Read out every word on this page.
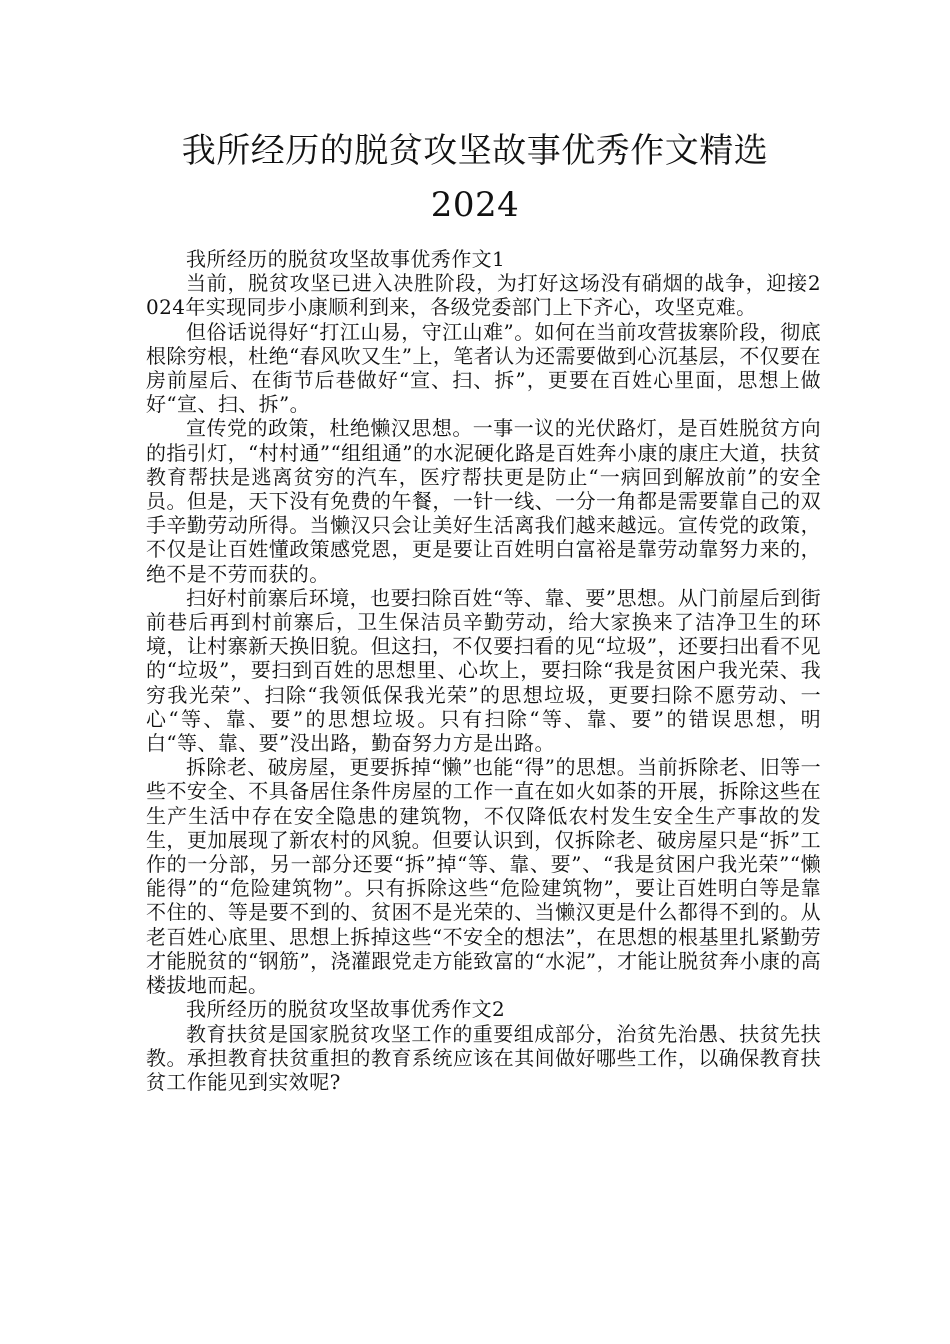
我所经历的脱贫攻坚故事优秀作文精选
2024

我所经历的脱贫攻坚故事优秀作文1

当前，脱贫攻坚已进入决胜阶段，为打好这场没有硝烟的战争，迎接2024年实现同步小康顺利到来，各级党委部门上下齐心，攻坚克难。

但俗话说得好“打江山易，守江山难”。如何在当前攻营拔寨阶段，彻底根除穷根，杜绝“春风吹又生”上，笔者认为还需要做到心沉基层，不仅要在房前屋后、在街节后巷做好“宣、扫、拆”，更要在百姓心里面，思想上做好“宣、扫、拆”。

宣传党的政策，杜绝懒汉思想。一事一议的光伏路灯，是百姓脱贫方向的指引灯，“村村通”“组组通”的水泥硬化路是百姓奔小康的康庄大道，扶贫教育帮扶是逃离贫穷的汽车，医疗帮扶更是防止“一病回到解放前”的安全员。但是，天下没有免费的午餐，一针一线、一分一角都是需要靠自己的双手辛勤劳动所得。当懒汉只会让美好生活离我们越来越远。宣传党的政策，不仅是让百姓懂政策感党恩，更是要让百姓明白富裕是靠劳动靠努力来的，绝不是不劳而获的。

扫好村前寨后环境，也要扫除百姓“等、靠、要”思想。从门前屋后到街前巷后再到村前寨后，卫生保洁员辛勤劳动，给大家换来了洁净卫生的环境，让村寨新天换旧貌。但这扫，不仅要扫看的见“垃圾”，还要扫出看不见的“垃圾”，要扫到百姓的思想里、心坎上，要扫除“我是贫困户我光荣、我穷我光荣”、扫除“我领低保我光荣”的思想垃圾，更要扫除不愿劳动、一心“等、靠、要”的思想垃圾。只有扫除“等、靠、要”的错误思想，明白“等、靠、要”没出路，勤奋努力方是出路。

拆除老、破房屋，更要拆掉“懒”也能“得”的思想。当前拆除老、旧等一些不安全、不具备居住条件房屋的工作一直在如火如荼的开展，拆除这些在生产生活中存在安全隐患的建筑物，不仅降低农村发生安全生产事故的发生，更加展现了新农村的风貌。但要认识到，仅拆除老、破房屋只是“拆”工作的一分部，另一部分还要“拆”掉“等、靠、要”、“我是贫困户我光荣”“懒能得”的“危险建筑物”。只有拆除这些“危险建筑物”，要让百姓明白等是靠不住的、等是要不到的、贫困不是光荣的、当懒汉更是什么都得不到的。从老百姓心底里、思想上拆掉这些“不安全的想法”，在思想的根基里扎紧勤劳才能脱贫的“钢筋”，浇灌跟党走方能致富的“水泥”，才能让脱贫奔小康的高楼拔地而起。

我所经历的脱贫攻坚故事优秀作文2

教育扶贫是国家脱贫攻坚工作的重要组成部分，治贫先治愚、扶贫先扶教。承担教育扶贫重担的教育系统应该在其间做好哪些工作，以确保教育扶贫工作能见到实效呢?
